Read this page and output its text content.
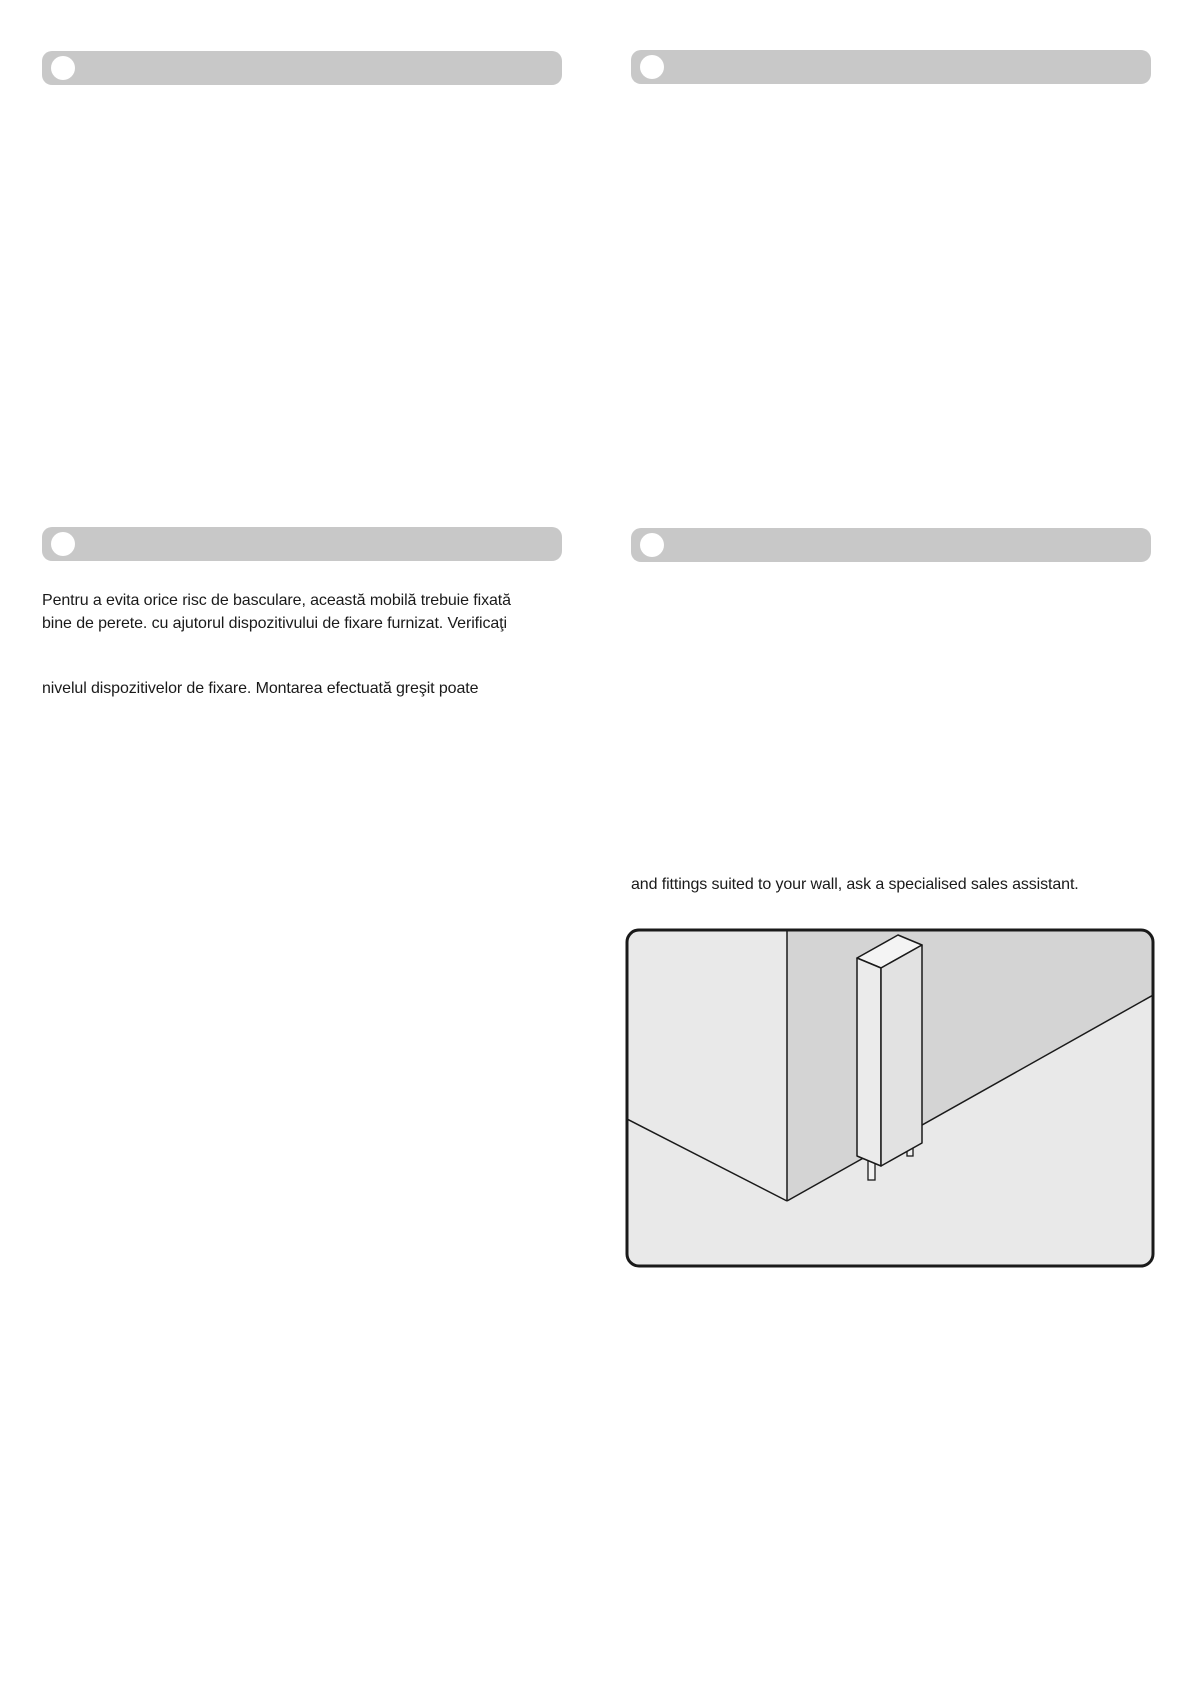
Pentru a evita orice risc de basculare, această mobilă trebuie fixată
bine de perete. cu ajutorul dispozitivului de fixare furnizat. Verificaţi
nivelul dispozitivelor de fixare. Montarea efectuată greşit poate
and fittings suited to your wall, ask a specialised sales assistant.
